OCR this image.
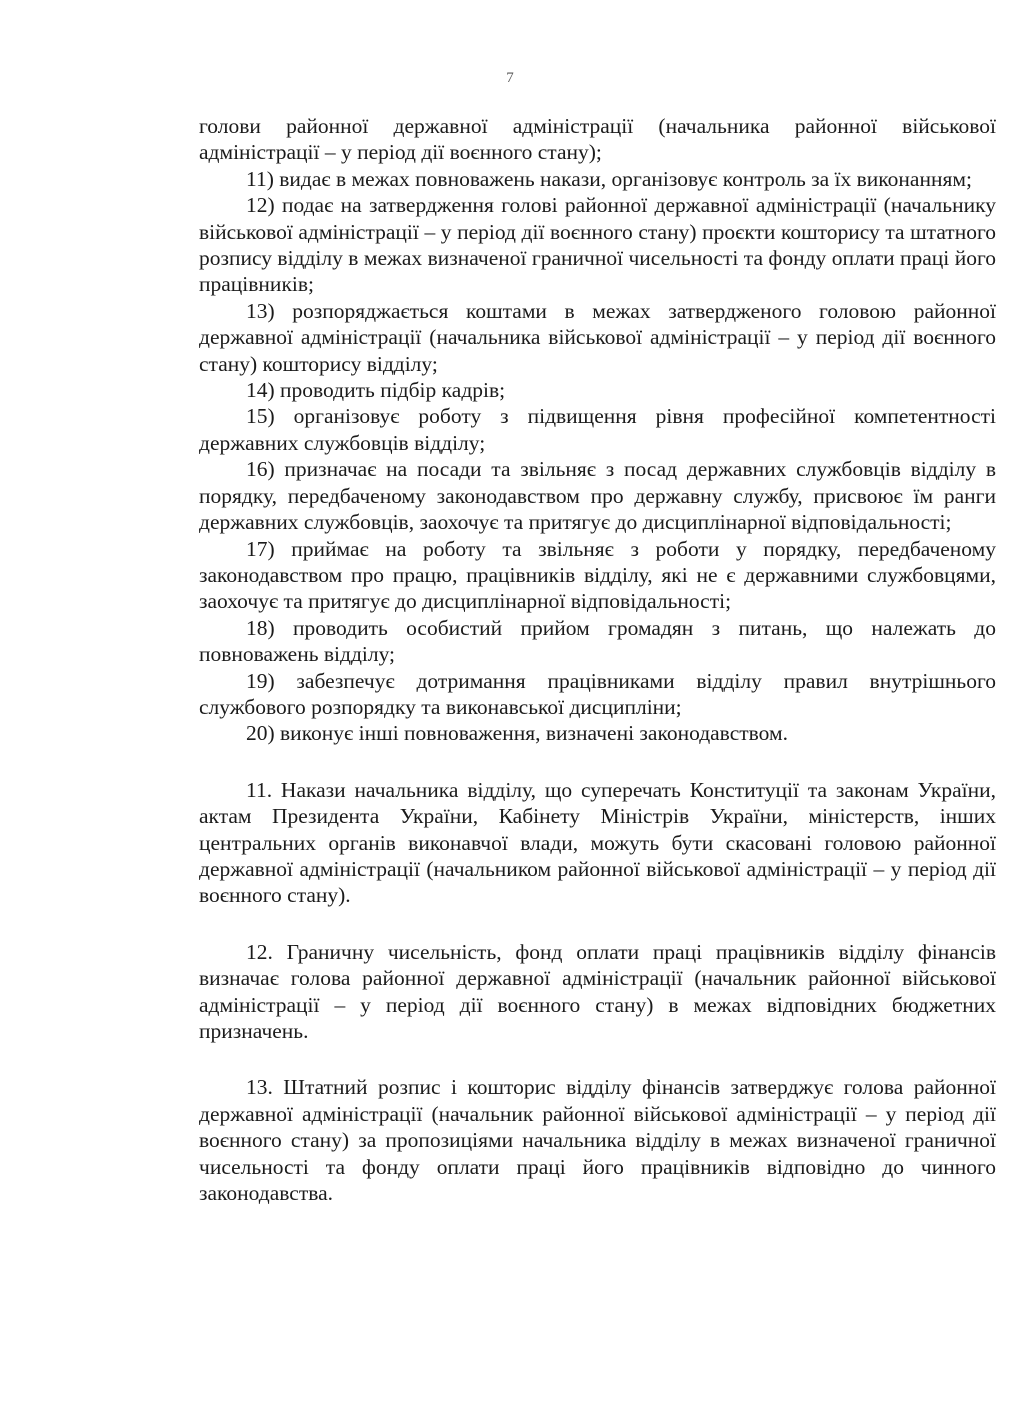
7

голови районної державної адміністрації (начальника районної військової адміністрації – у період дії воєнного стану);

11) видає в межах повноважень накази, організовує контроль за їх виконанням;

12) подає на затвердження голові районної державної адміністрації (начальнику військової адміністрації – у період дії воєнного стану) проєкти кошторису та штатного розпису відділу в межах визначеної граничної чисельності та фонду оплати праці його працівників;

13) розпоряджається коштами в межах затвердженого головою районної державної адміністрації (начальника військової адміністрації – у період дії воєнного стану) кошторису відділу;

14) проводить підбір кадрів;

15) організовує роботу з підвищення рівня професійної компетентності державних службовців відділу;

16) призначає на посади та звільняє з посад державних службовців відділу в порядку, передбаченому законодавством про державну службу, присвоює їм ранги державних службовців, заохочує та притягує до дисциплінарної відповідальності;

17) приймає на роботу та звільняє з роботи у порядку, передбаченому законодавством про працю, працівників відділу, які не є державними службовцями, заохочує та притягує до дисциплінарної відповідальності;

18) проводить особистий прийом громадян з питань, що належать до повноважень відділу;

19) забезпечує дотримання працівниками відділу правил внутрішнього службового розпорядку та виконавської дисципліни;

20) виконує інші повноваження, визначені законодавством.

11. Накази начальника відділу, що суперечать Конституції та законам України, актам Президента України, Кабінету Міністрів України, міністерств, інших центральних органів виконавчої влади, можуть бути скасовані головою районної державної адміністрації (начальником районної військової адміністрації – у період дії воєнного стану).

12. Граничну чисельність, фонд оплати праці працівників відділу фінансів визначає голова районної державної адміністрації (начальник районної військової адміністрації – у період дії воєнного стану) в межах відповідних бюджетних призначень.

13. Штатний розпис і кошторис відділу фінансів затверджує голова районної державної адміністрації (начальник районної військової адміністрації – у період дії воєнного стану) за пропозиціями начальника відділу в межах визначеної граничної чисельності та фонду оплати праці його працівників відповідно до чинного законодавства.
